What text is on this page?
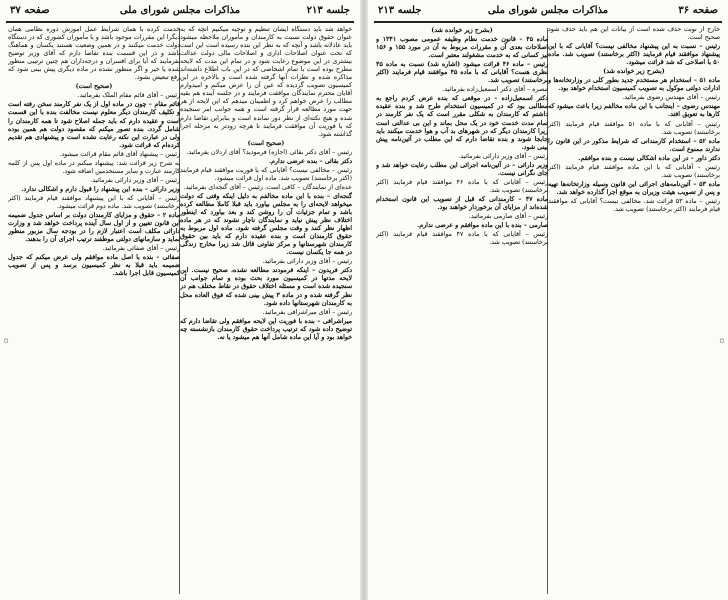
جلسه ۲۱۳
مذاکرات مجلس شورای ملی
صفحه ۳۷

خواهد شد باید دستگاه ایشان تنظیم و توجیه میکنیم آنچه که به عنوان حقوق دولت نسبت به کارمندان و مأموران ملاحظه میشود باید عادلانه باشد و آنچه که به نظر این بنده رسیده است این است که تحت عنوان اصلاحات اداری و اصلاحات مالی دولت عدالت بیشتری در این موضوع رعایت شود و در تمام این مدت که لایحه مطرح بوده است با تمام اشخاصی که در این باب اطلاع داشته‌اند مذاکره شده و نظرات آنها گرفته شده است و بالاخره در این کمیسیون تصویب گردیده که عین آن را عرض میکنم و امیدوارم آقایان محترم نمایندگان موافقت فرمایند و در جلسه آینده هم بقیه مطالب را عرض خواهم کرد و اطمینان میدهم که این لایحه از هر جهت مورد مطالعه قرار گرفته است و همه جوانب امر سنجیده شده و هیچ نکته‌ای از نظر دور نمانده است و بنابراین تقاضا دارم که با فوریت آن موافقت فرمایند تا هرچه زودتر به مرحله اجرا گذاشته شود.

(صحیح است)

رئیس – آقای دکتر بقائی (اجازه) فرمودید؟ آقای اردلان بفرمائید.

دکتر بقائی – بنده عرضی ندارم.

رئیس – مخالفی نیست؟ آقایانی که با فوریت موافقند قیام فرمایند (اکثر برخاستند) تصویب شد. ماده اول قرائت میشود.

عده‌ای از نمایندگان – کافی است. رئیس – آقای گنجه‌ای بفرمائید.

گنجه‌ای – بنده با این ماده مخالفم به دلیل اینکه وقتی که دولت میخواهد لایحه‌ای را به مجلس بیاورد باید قبلا کاملا مطالعه کرده باشد و تمام جزئیات آن را روشن کند و بعد بیاورد که اینطور اختلاف نظر پیش نیاید و نمایندگان ناچار نشوند که در هر ماده اظهار نظر کنند و وقت مجلس گرفته شود. ماده اول مربوط به حقوق کارمندان است و بنده عقیده دارم که باید بین حقوق کارمندان شهرستانها و مرکز تفاوتی قائل شد زیرا مخارج زندگی در همه جا یکسان نیست.

رئیس – آقای وزیر دارائی بفرمائید.

دکتر فریدون – اینکه فرمودند مطالعه نشده، صحیح نیست. این لایحه مدتها در کمیسیون مورد بحث بوده و تمام جوانب آن سنجیده شده است و مسئله اختلاف حقوق در نقاط مختلف هم در نظر گرفته شده و در ماده ۳ پیش بینی شده که فوق العاده محل به کارمندان شهرستانها داده شود.

رئیس – آقای میراشرافی بفرمائید.

میراشرافی – بنده با فوریت این لایحه موافقم ولی تقاضا دارم که توضیح داده شود که ترتیب پرداخت حقوق کارمندان بازنشسته چه خواهد بود و آیا این ماده شامل آنها هم میشود یا نه.

خدمت کرده با همان شرایط عمل آموزش دوره نظامی همان دیگرا این مقررات موجود باشد و با مأموران کشوری که در دستگاه دولت خدمت میکنند و در همین وضعیت هستند یکسان و هماهنگ باشد و در این قسمت بنده تقاضا دارم که آقای وزیر توضیح بفرمایند که آیا برای افسران و درجه‌داران هم چنین ترتیبی منظور شده یا خیر و اگر منظور نشده در ماده دیگری پیش بینی شود که رفع تبعیض بشود.

(صحیح است)

رئیس – آقای قائم مقام الملک بفرمائید.

قائم مقام – چون در ماده اول از یک نفر کارمند سخن رفته است و تکلیف کارمندان دیگر معلوم نیست مخالفت بنده با این قسمت است و عقیده دارم که باید جمله اصلاح شود تا همه کارمندان را شامل گردد. بنده تصور میکنم که مقصود دولت هم همین بوده ولی در عبارت این نکته رعایت نشده است و پیشنهادی هم تقدیم کرده‌ام که قرائت شود.

رئیس – پیشنهاد آقای قائم مقام قرائت میشود.

به شرح زیر قرائت شد: پیشنهاد میکنم در ماده اول پس از کلمه کارمند عبارت و سایر مستخدمین اضافه شود.

رئیس – آقای وزیر دارائی بفرمائید.

وزیر دارائی – بنده این پیشنهاد را قبول دارم و اشکالی ندارد.

رئیس – آقایانی که با این پیشنهاد موافقند قیام فرمایند (اکثر برخاستند) تصویب شد. ماده دوم قرائت میشود.

ماده ۲ – حقوق و مزایای کارمندان دولت بر اساس جدول ضمیمه این قانون تعیین و از اول سال آینده پرداخت خواهد شد و وزارت دارائی مکلف است اعتبار لازم را در بودجه سال مزبور منظور نماید و سازمانهای دولتی موظفند ترتیب اجرای آن را بدهند.

رئیس – آقای صفائی بفرمائید.

صفائی – بنده با اصل ماده موافقم ولی عرض میکنم که جدول ضمیمه باید قبلا به نظر کمیسیون برسد و پس از تصویب کمیسیون قابل اجرا باشد.

◦
صفحه ۳۶
مذاکرات مجلس شورای ملی
جلسه ۲۱۳

خارج از نوبت حذف شده است از بیانات این هم باید حذف شود صحیح است.

رئیس – نسبت به این پیشنهاد مخالفی نیست؟ آقایانی که با این پیشنهاد موافقند قیام فرمایند (اکثر برخاستند) تصویب شد. ماده ۵۰ با اصلاحی که شد قرائت میشود.

(بشرح زیر خوانده شد)

ماده ۵۱ – استخدام هر مستخدم جدید بطور کلی در وزارتخانه‌ها و ادارات دولتی موکول به تصویب کمیسیون استخدام خواهد بود.

رئیس – آقای مهندس رضوی بفرمائید.

مهندس رضوی – اینجانب با این ماده مخالفم زیرا باعث میشود که کارها به تعویق افتد.

رئیس – آقایانی که با ماده ۵۱ موافقند قیام فرمایند (اکثر برخاستند) تصویب شد.

ماده ۵۲ – استخدام کارمندانی که شرایط مذکور در این قانون را ندارند ممنوع است.

دکتر داور – در این ماده اشکالی نیست و بنده موافقم.

رئیس – آقایانی که با این ماده موافقند قیام فرمایند (اکثر برخاستند) تصویب شد.

ماده ۵۳ – آئین‌نامه‌های اجرائی این قانون وسیله وزارتخانه‌ها تهیه و پس از تصویب هیئت وزیران به موقع اجرا گذارده خواهد شد.

رئیس – ماده ۵۳ قرائت شد. مخالفی نیست؟ آقایانی که موافقند قیام فرمایند (اکثر برخاستند) تصویب شد.

(بشرح زیر خوانده شد)

ماده ۴۵ – قانون خدمت نظام وظیفه عمومی مصوب ۱۳۴۱ و اصلاحات بعدی آن و مقررات مربوط به آن در مورد ۱۵۵ و ۱۵۶ نیز کسانی که به خدمت مشغولند معتبر است.

رئیس – ماده ۴۶ قرائت میشود (اشاره شد) نسبت به ماده ۴۵ نظری هست؟ آقایانی که با ماده ۴۵ موافقند قیام فرمایند (اکثر برخاستند) تصویب شد.

تبصره – آقای دکتر اسمعیل‌زاده بفرمائید.

دکتر اسمعیل‌زاده – در موقعی که بنده عرض کردم راجع به مطالبی بود که در کمیسیون استخدام طرح شد و بنده عقیده داشتم که کارمندان به شکلی مقرر است که یک نفر کارمند در تمام مدت خدمت خود در یک محل بماند و این بی عدالتی است زیرا کارمندان دیگر که در شهرهای بد آب و هوا خدمت میکنند باید جابجا شوند و بنده تقاضا دارم که این مطلب در آئین‌نامه پیش بینی شود.

رئیس – آقای وزیر دارائی بفرمائید.

وزیر دارائی – در آئین‌نامه اجرائی این مطلب رعایت خواهد شد و جای نگرانی نیست.

رئیس – آقایانی که با ماده ۴۶ موافقند قیام فرمایند (اکثر برخاستند) تصویب شد.

ماده ۴۷ – کارمندانی که قبل از تصویب این قانون استخدام شده‌اند از مزایای آن برخوردار خواهند بود.

رئیس – آقای صارمی بفرمائید.

صارمی – بنده با این ماده موافقم و عرضی ندارم.

رئیس – آقایانی که با ماده ۴۷ موافقند قیام فرمایند (اکثر برخاستند) تصویب شد.

◦
